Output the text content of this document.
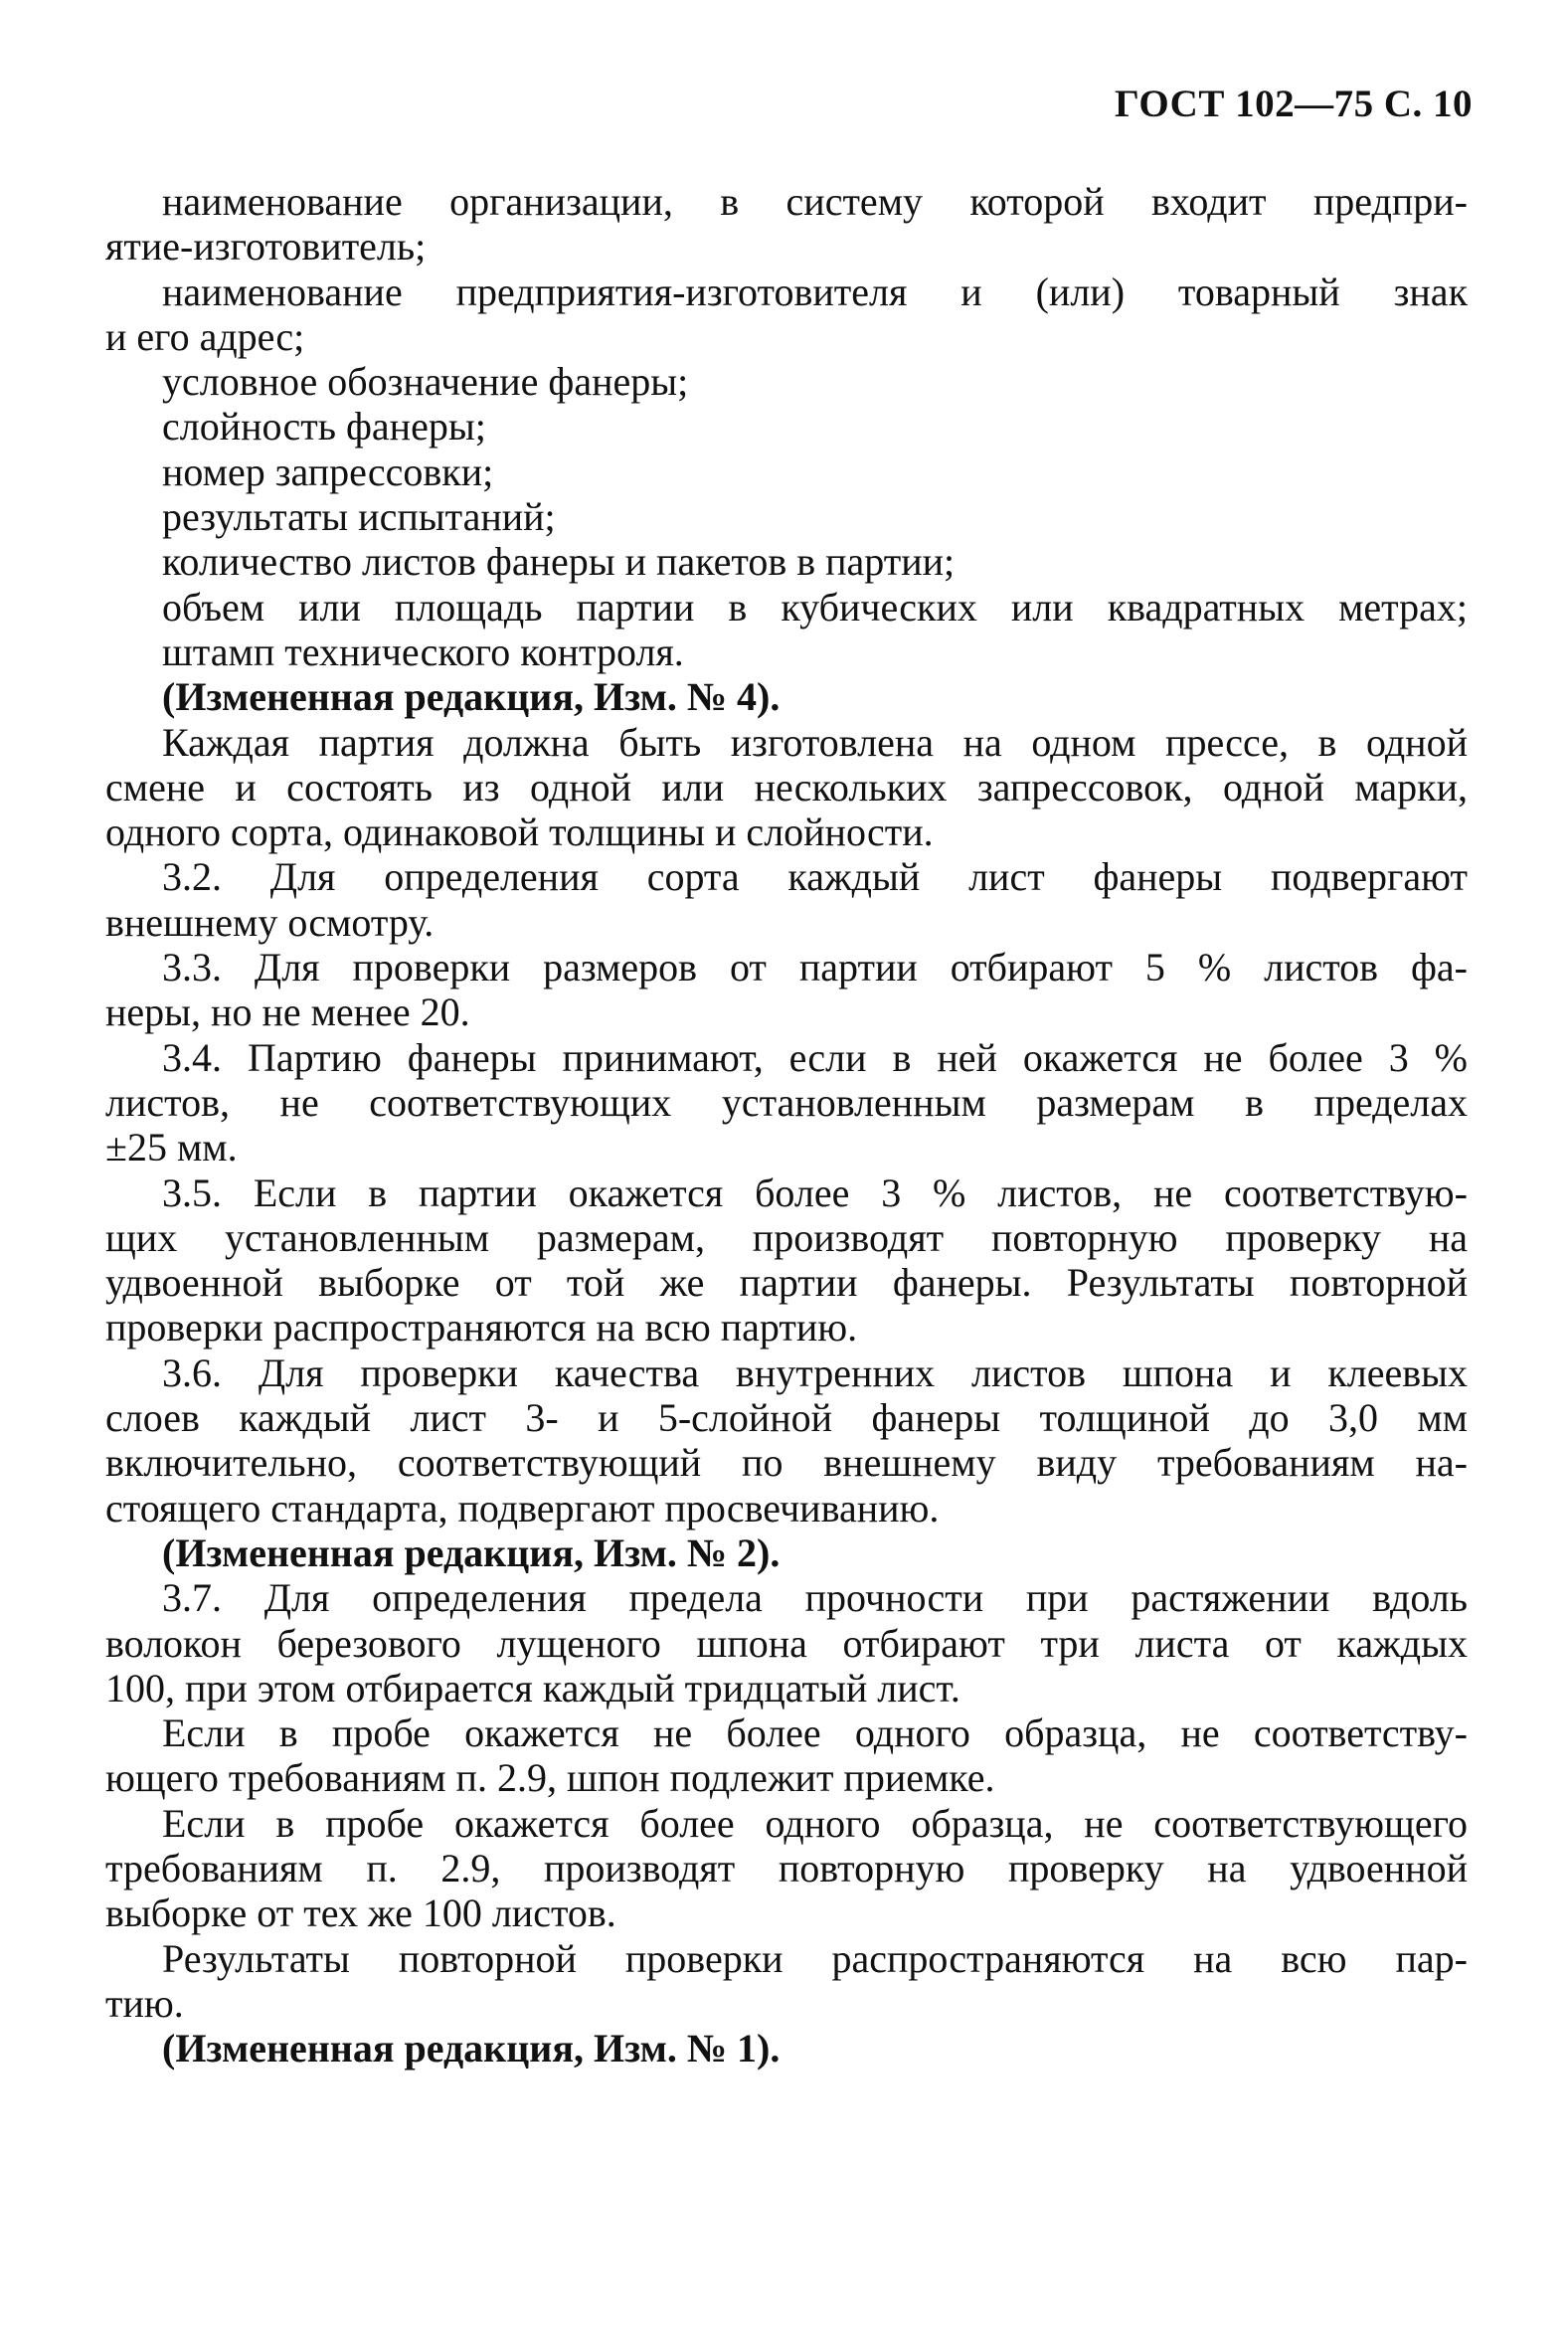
ГОСТ 102—75 С. 10
наименование организации, в систему которой входит предпри-
ятие-изготовитель;
наименование предприятия-изготовителя и (или) товарный знак
и его адрес;
условное обозначение фанеры;
слойность фанеры;
номер запрессовки;
результаты испытаний;
количество листов фанеры и пакетов в партии;
объем или площадь партии в кубических или квадратных метрах;
штамп технического контроля.
(Измененная редакция, Изм. № 4).
Каждая партия должна быть изготовлена на одном прессе, в одной
смене и состоять из одной или нескольких запрессовок, одной марки,
одного сорта, одинаковой толщины и слойности.
3.2. Для определения сорта каждый лист фанеры подвергают
внешнему осмотру.
3.3. Для проверки размеров от партии отбирают 5 % листов фа-
неры, но не менее 20.
3.4. Партию фанеры принимают, если в ней окажется не более 3 %
листов, не соответствующих установленным размерам в пределах
±25 мм.
3.5. Если в партии окажется более 3 % листов, не соответствую-
щих установленным размерам, производят повторную проверку на
удвоенной выборке от той же партии фанеры. Результаты повторной
проверки распространяются на всю партию.
3.6. Для проверки качества внутренних листов шпона и клеевых
слоев каждый лист 3- и 5-слойной фанеры толщиной до 3,0 мм
включительно, соответствующий по внешнему виду требованиям на-
стоящего стандарта, подвергают просвечиванию.
(Измененная редакция, Изм. № 2).
3.7. Для определения предела прочности при растяжении вдоль
волокон березового лущеного шпона отбирают три листа от каждых
100, при этом отбирается каждый тридцатый лист.
Если в пробе окажется не более одного образца, не соответству-
ющего требованиям п. 2.9, шпон подлежит приемке.
Если в пробе окажется более одного образца, не соответствующего
требованиям п. 2.9, производят повторную проверку на удвоенной
выборке от тех же 100 листов.
Результаты повторной проверки распространяются на всю пар-
тию.
(Измененная редакция, Изм. № 1).
